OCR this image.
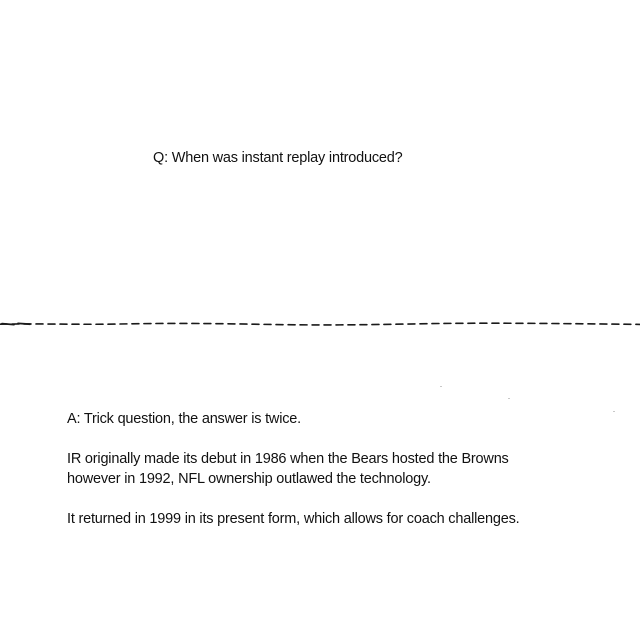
Q: When was instant replay introduced?

A: Trick question, the answer is twice.

IR originally made its debut in 1986 when the Bears hosted the Browns

however in 1992, NFL ownership outlawed the technology.

It returned in 1999 in its present form, which allows for coach challenges.
